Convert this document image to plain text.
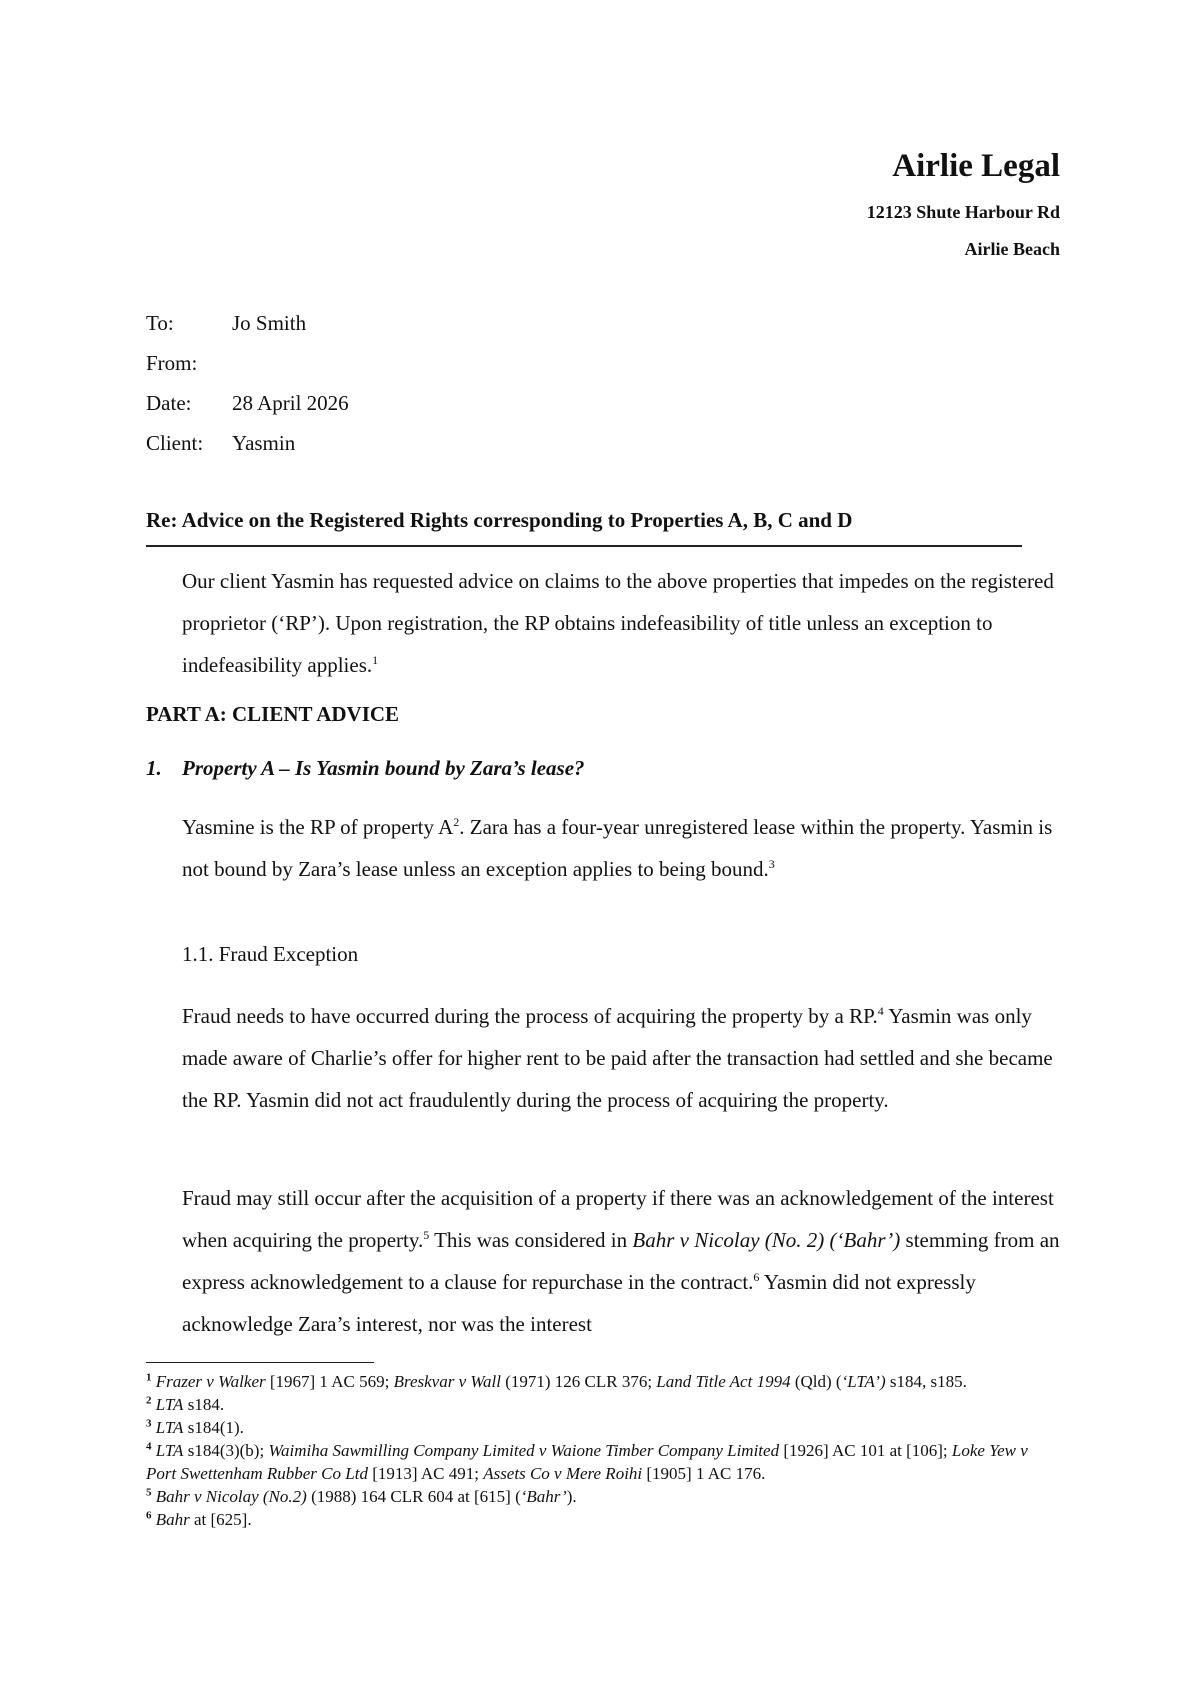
Airlie Legal
12123 Shute Harbour Rd
Airlie Beach
To:	Jo Smith
From:
Date:	28 April 2026
Client:	Yasmin
Re: Advice on the Registered Rights corresponding to Properties A, B, C and D

Our client Yasmin has requested advice on claims to the above properties that impedes on the registered proprietor (‘RP’). Upon registration, the RP obtains indefeasibility of title unless an exception to indefeasibility applies.$^1$

PART A: CLIENT ADVICE
1. Property A – Is Yasmin bound by Zara’s lease?

Yasmine is the RP of property $A^2$. Zara has a four-year unregistered lease within the property. Yasmin is not bound by Zara’s lease unless an exception applies to being bound.$^3$

1.1. Fraud Exception

Fraud needs to have occurred during the process of acquiring the property by a RP.$^4$ Yasmin was only made aware of Charlie’s offer for higher rent to be paid after the transaction had settled and she became the RP. Yasmin did not act fraudulently during the process of acquiring the property.

Fraud may still occur after the acquisition of a property if there was an acknowledgement of the interest when acquiring the property.$^5$ This was considered in Bahr v Nicolay (No. 2) (‘Bahr’) stemming from an express acknowledgement to a clause for repurchase in the contract.$^6$ Yasmin did not expressly acknowledge Zara’s interest, nor was the interest

$^1$ Frazer v Walker [1967] 1 AC 569; Breskvar v Wall (1971) 126 CLR 376; Land Title Act 1994 (Qld) (‘LTA’) s184, s185.

$^2$ LTA s184.

$^3$ LTA s184(1).

$^4$ LTA s184(3)(b); Waimiha Sawmilling Company Limited v Waione Timber Company Limited [1926] AC 101 at [106]; Loke Yew v Port Swettenham Rubber Co Ltd [1913] AC 491; Assets Co v Mere Roihi [1905] 1 AC 176.

$^5$ Bahr v Nicolay (No.2) (1988) 164 CLR 604 at [615] (‘Bahr’).

$^6$ Bahr at [625].
